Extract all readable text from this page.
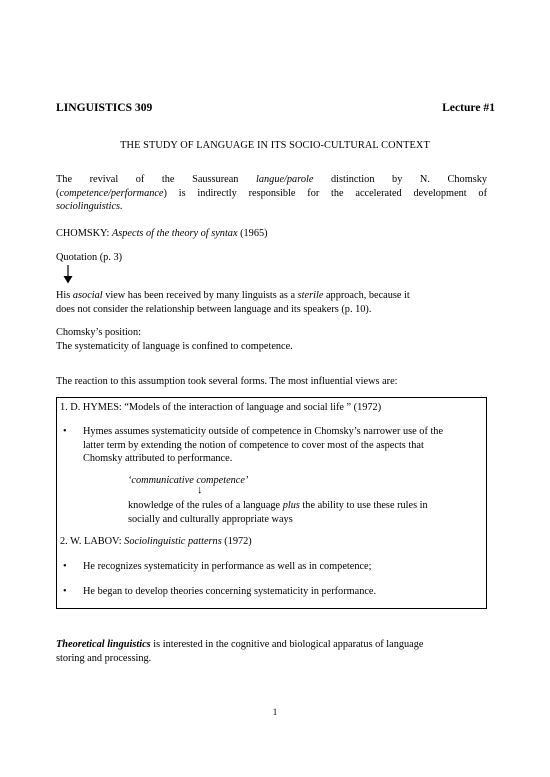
LINGUISTICS 309	Lecture #1
THE STUDY OF LANGUAGE IN ITS SOCIO-CULTURAL CONTEXT
The revival of the Saussurean langue/parole distinction by N. Chomsky
(competence/performance) is indirectly responsible for the accelerated development of
sociolinguistics.
CHOMSKY: Aspects of the theory of syntax (1965)
Quotation (p. 3)
His asocial view has been received by many linguists as a sterile approach, because it
does not consider the relationship between language and its speakers (p. 10).
Chomsky’s position:
The systematicity of language is confined to competence.
The reaction to this assumption took several forms. The most influential views are:
1. D. HYMES: “Models of the interaction of language and social life ” (1972)
• Hymes assumes systematicity outside of competence in Chomsky’s narrower use of the
latter term by extending the notion of competence to cover most of the aspects that
Chomsky attributed to performance.
‘communicative competence’
↓
knowledge of the rules of a language plus the ability to use these rules in
socially and culturally appropriate ways
2. W. LABOV: Sociolinguistic patterns (1972)
• He recognizes systematicity in performance as well as in competence;
• He began to develop theories concerning systematicity in performance.
Theoretical linguistics is interested in the cognitive and biological apparatus of language
storing and processing.
1
